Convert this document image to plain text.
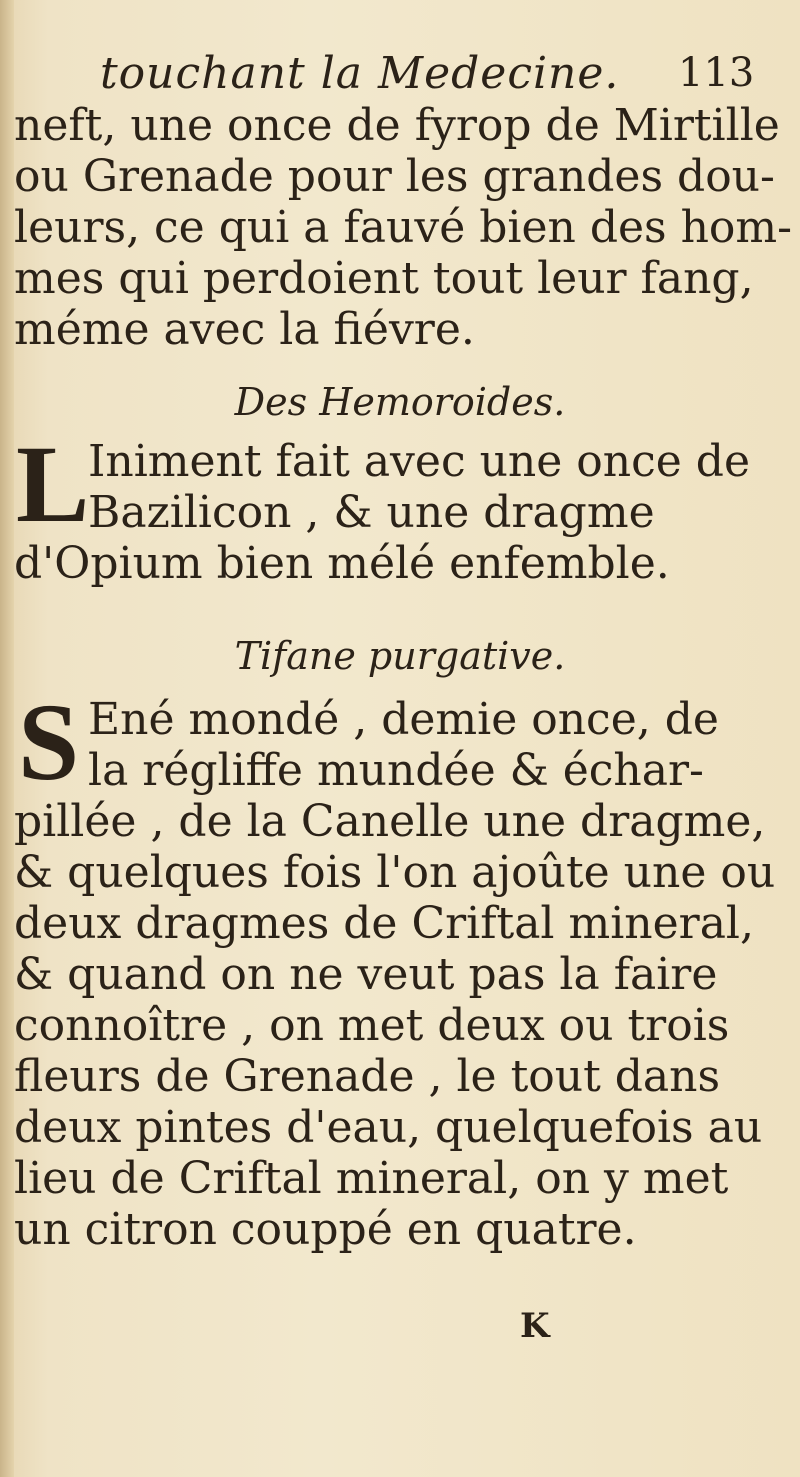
touchant la Medecine. 113
neft, une once de fyrop de Mirtille
ou Grenade pour les grandes dou-
leurs, ce qui a fauvé bien des hom-
mes qui perdoient tout leur fang,
méme avec la fiévre.
Des Hemoroides.
L
Iniment fait avec une once de
Bazilicon , & une dragme
d'Opium bien mélé enfemble.
Tifane purgative.
S Ené mondé , demie once, de
la régliffe mundée & échar-
pillée , de la Canelle une dragme,
& quelques fois l'on ajoûte une ou
deux dragmes de Criftal mineral,
& quand on ne veut pas la faire
connoître , on met deux ou trois
fleurs de Grenade , le tout dans
deux pintes d'eau, quelquefois au
lieu de Criftal mineral, on y met
un citron couppé en quatre.
K
